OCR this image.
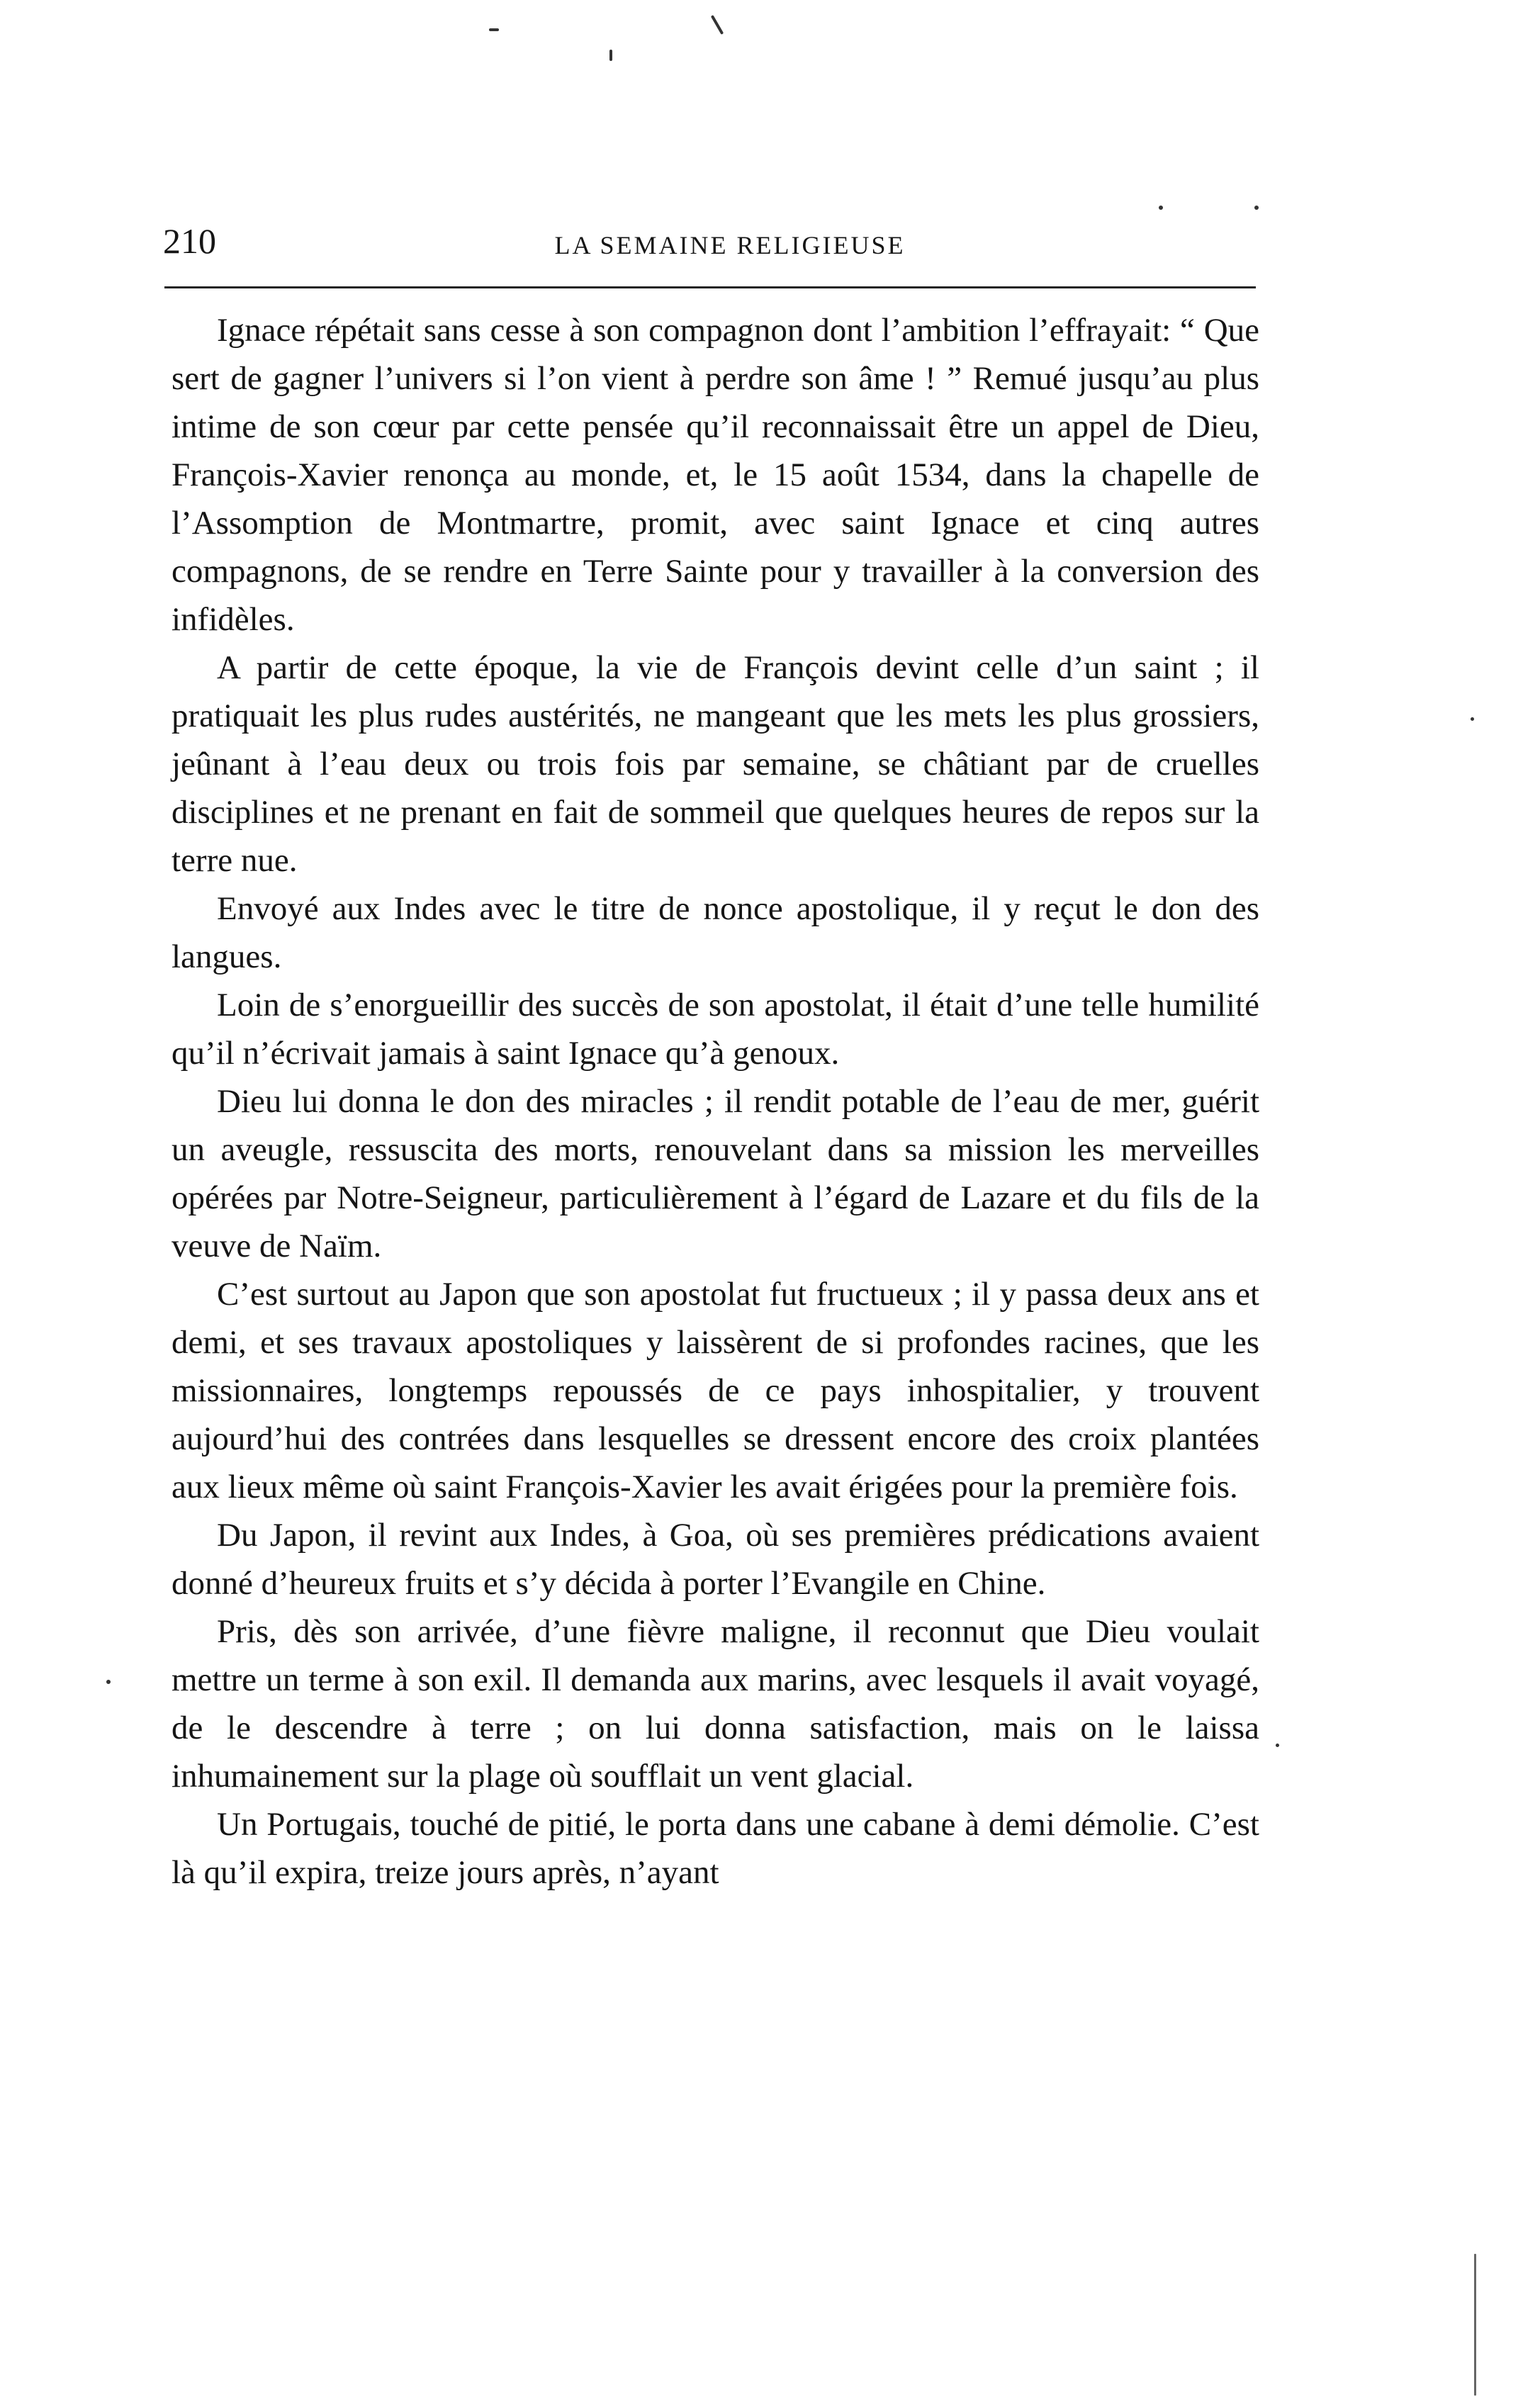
210	LA SEMAINE RELIGIEUSE

Ignace répétait sans cesse à son compagnon dont l’ambition l’effrayait: “ Que sert de gagner l’univers si l’on vient à perdre son âme ! ” Remué jusqu’au plus intime de son cœur par cette pensée qu’il reconnaissait être un appel de Dieu, François-Xavier renonça au monde, et, le 15 août 1534, dans la chapelle de l’Assomption de Montmartre, promit, avec saint Ignace et cinq autres compagnons, de se rendre en Terre Sainte pour y travailler à la conversion des infidèles.

A partir de cette époque, la vie de François devint celle d’un saint ; il pratiquait les plus rudes austérités, ne mangeant que les mets les plus grossiers, jeûnant à l’eau deux ou trois fois par semaine, se châtiant par de cruelles disciplines et ne prenant en fait de sommeil que quelques heures de repos sur la terre nue.

Envoyé aux Indes avec le titre de nonce apostolique, il y reçut le don des langues.

Loin de s’enorgueillir des succès de son apostolat, il était d’une telle humilité qu’il n’écrivait jamais à saint Ignace qu’à genoux.

Dieu lui donna le don des miracles ; il rendit potable de l’eau de mer, guérit un aveugle, ressuscita des morts, renouvelant dans sa mission les merveilles opérées par Notre-Seigneur, particulièrement à l’égard de Lazare et du fils de la veuve de Naïm.

C’est surtout au Japon que son apostolat fut fructueux ; il y passa deux ans et demi, et ses travaux apostoliques y laissèrent de si profondes racines, que les missionnaires, longtemps repoussés de ce pays inhospitalier, y trouvent aujourd’hui des contrées dans lesquelles se dressent encore des croix plantées aux lieux même où saint François-Xavier les avait érigées pour la première fois.

Du Japon, il revint aux Indes, à Goa, où ses premières prédications avaient donné d’heureux fruits et s’y décida à porter l’Evangile en Chine.

Pris, dès son arrivée, d’une fièvre maligne, il reconnut que Dieu voulait mettre un terme à son exil. Il demanda aux marins, avec lesquels il avait voyagé, de le descendre à terre ; on lui donna satisfaction, mais on le laissa inhumainement sur la plage où soufflait un vent glacial.

Un Portugais, touché de pitié, le porta dans une cabane à demi démolie. C’est là qu’il expira, treize jours après, n’ayant
